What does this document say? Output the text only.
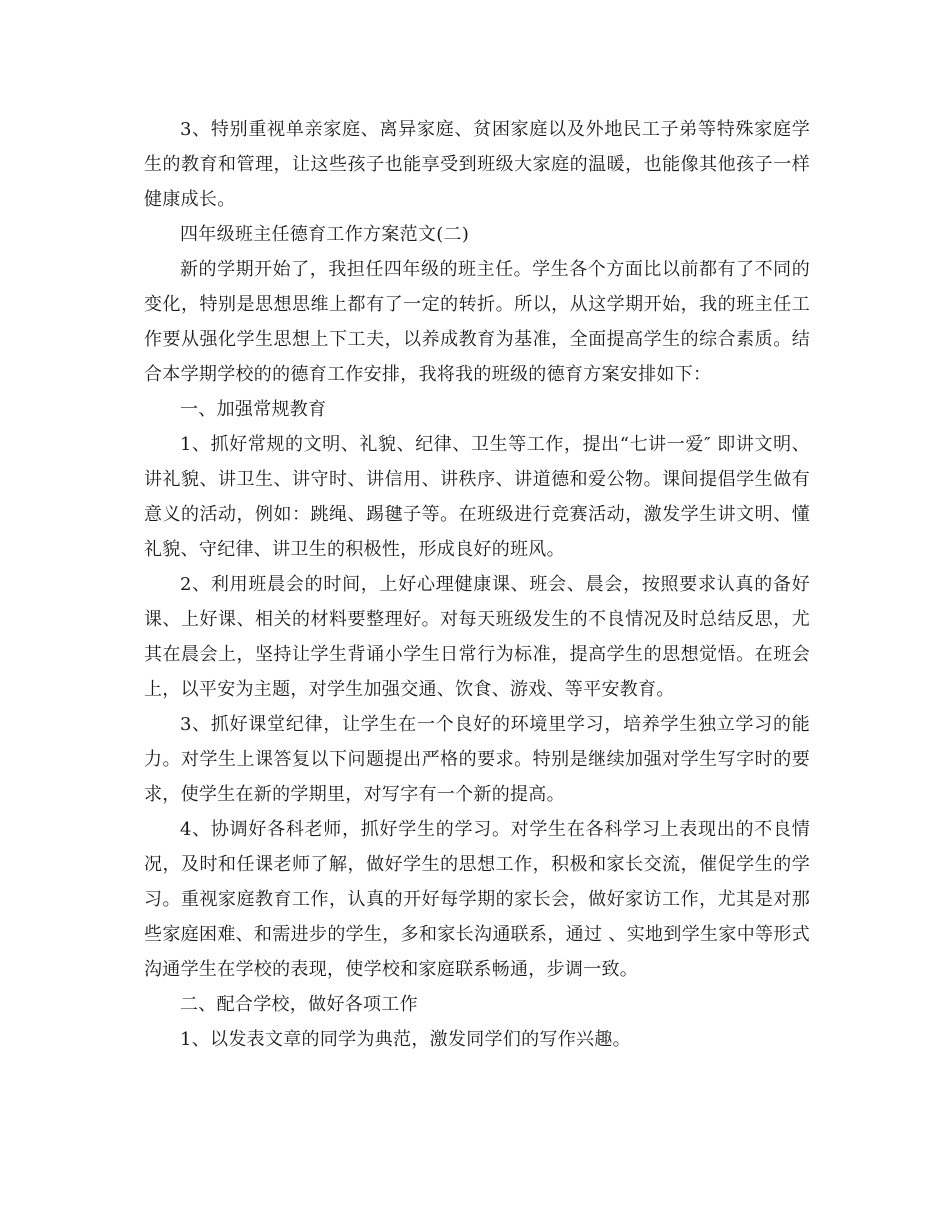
3、特别重视单亲家庭、离异家庭、贫困家庭以及外地民工子弟等特殊家庭学生的教育和管理，让这些孩子也能享受到班级大家庭的温暖，也能像其他孩子一样健康成长。

四年级班主任德育工作方案范文(二)

新的学期开始了，我担任四年级的班主任。学生各个方面比以前都有了不同的变化，特别是思想思维上都有了一定的转折。所以，从这学期开始，我的班主任工作要从强化学生思想上下工夫，以养成教育为基准，全面提高学生的综合素质。结合本学期学校的的德育工作安排，我将我的班级的德育方案安排如下：

一、加强常规教育

1、抓好常规的文明、礼貌、纪律、卫生等工作，提出“七讲一爱″ 即讲文明、讲礼貌、讲卫生、讲守时、讲信用、讲秩序、讲道德和爱公物。课间提倡学生做有意义的活动，例如：跳绳、踢毽子等。在班级进行竞赛活动，激发学生讲文明、懂礼貌、守纪律、讲卫生的积极性，形成良好的班风。

2、利用班晨会的时间，上好心理健康课、班会、晨会，按照要求认真的备好课、上好课、相关的材料要整理好。对每天班级发生的不良情况及时总结反思，尤其在晨会上，坚持让学生背诵小学生日常行为标准，提高学生的思想觉悟。在班会上，以平安为主题，对学生加强交通、饮食、游戏、等平安教育。

3、抓好课堂纪律，让学生在一个良好的环境里学习，培养学生独立学习的能力。对学生上课答复以下问题提出严格的要求。特别是继续加强对学生写字时的要求，使学生在新的学期里，对写字有一个新的提高。

4、协调好各科老师，抓好学生的学习。对学生在各科学习上表现出的不良情况，及时和任课老师了解，做好学生的思想工作，积极和家长交流，催促学生的学习。重视家庭教育工作，认真的开好每学期的家长会，做好家访工作，尤其是对那些家庭困难、和需进步的学生，多和家长沟通联系，通过 、实地到学生家中等形式沟通学生在学校的表现，使学校和家庭联系畅通，步调一致。

二、配合学校，做好各项工作

1、以发表文章的同学为典范，激发同学们的写作兴趣。
